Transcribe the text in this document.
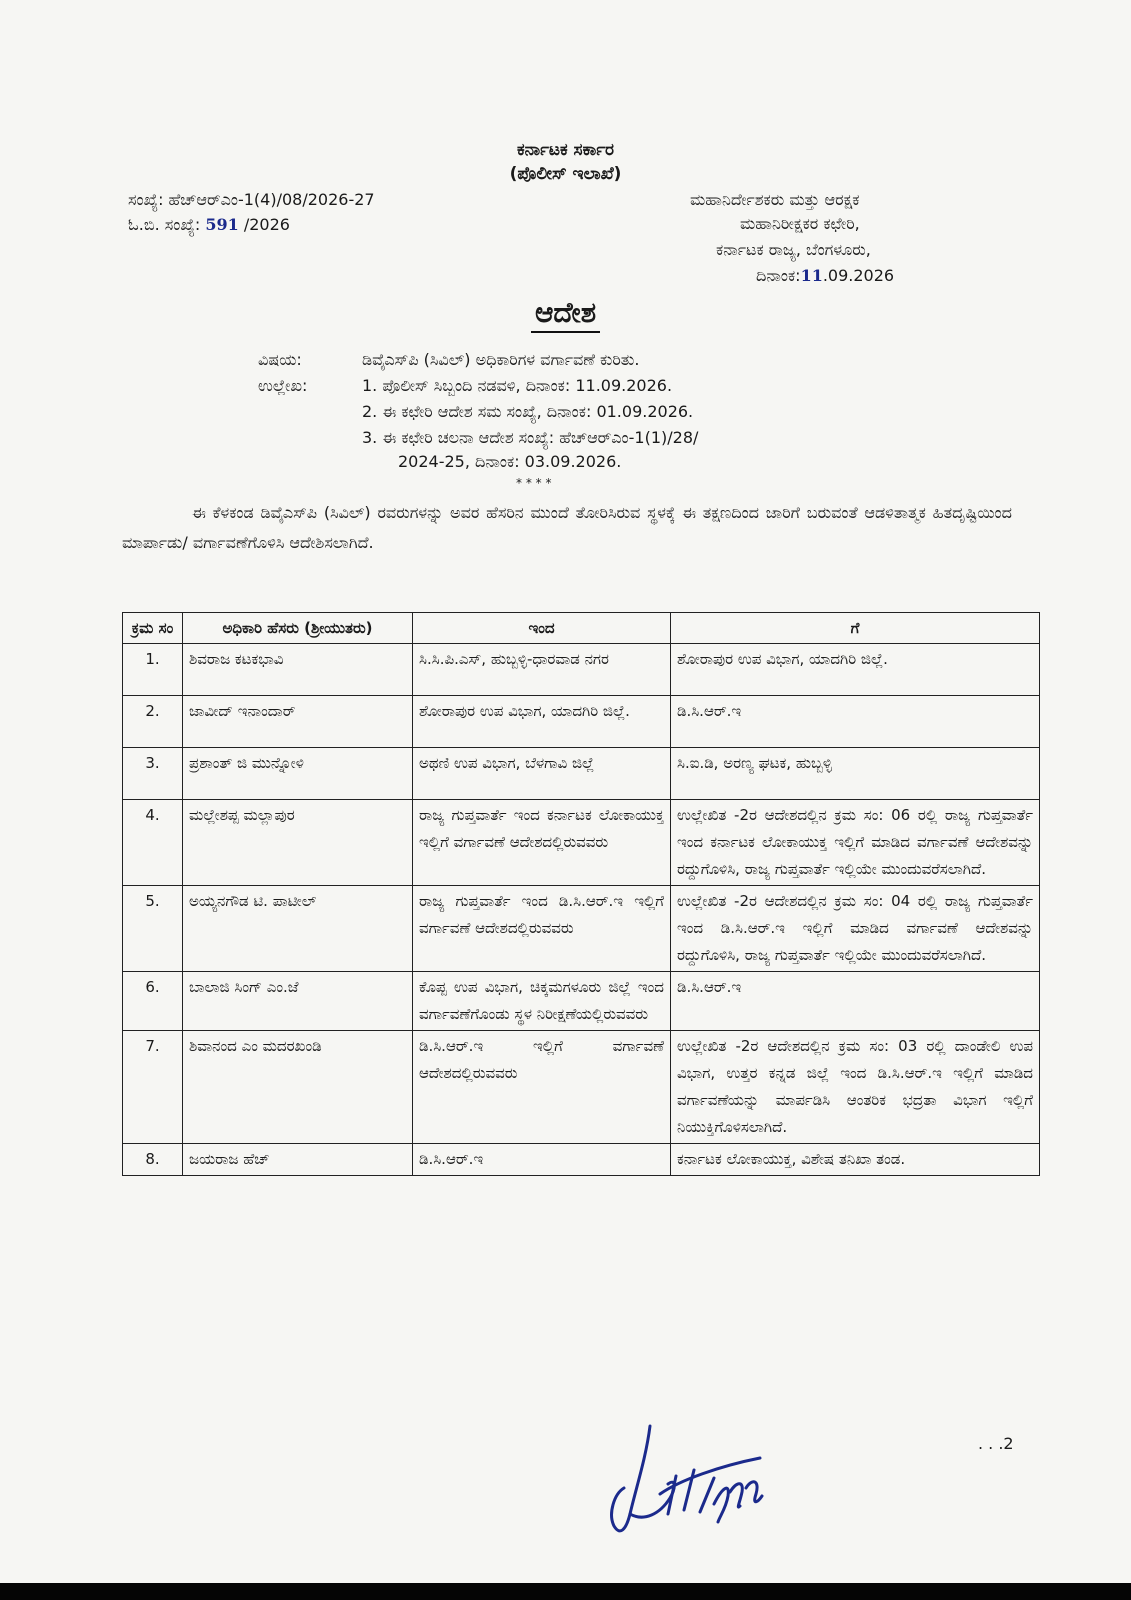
ಕರ್ನಾಟಕ ಸರ್ಕಾರ
(ಪೊಲೀಸ್ ಇಲಾಖೆ)
ಸಂಖ್ಯೆ: ಹೆಚ್‌ಆರ್‌ಎಂ-1(4)/08/2026-27
ಓ.ಬಿ. ಸಂಖ್ಯೆ: 591 /2026
ಮಹಾನಿರ್ದೇಶಕರು ಮತ್ತು ಆರಕ್ಷಕ
ಮಹಾನಿರೀಕ್ಷಕರ ಕಛೇರಿ,
ಕರ್ನಾಟಕ ರಾಜ್ಯ, ಬೆಂಗಳೂರು,
ದಿನಾಂಕ:11.09.2026
ಆದೇಶ
ವಿಷಯ:	ಡಿವೈಎಸ್‌ಪಿ (ಸಿವಿಲ್) ಅಧಿಕಾರಿಗಳ ವರ್ಗಾವಣೆ ಕುರಿತು.
ಉಲ್ಲೇಖ:	1. ಪೊಲೀಸ್ ಸಿಬ್ಬಂದಿ ನಡವಳಿ, ದಿನಾಂಕ: 11.09.2026.
2. ಈ ಕಛೇರಿ ಆದೇಶ ಸಮ ಸಂಖ್ಯೆ, ದಿನಾಂಕ: 01.09.2026.
3. ಈ ಕಛೇರಿ ಚಲನಾ ಆದೇಶ ಸಂಖ್ಯೆ: ಹೆಚ್‌ಆರ್‌ಎಂ-1(1)/28/
2024-25, ದಿನಾಂಕ: 03.09.2026.
* * * *
ಈ ಕೆಳಕಂಡ ಡಿವೈಎಸ್‌ಪಿ (ಸಿವಿಲ್) ರವರುಗಳನ್ನು ಅವರ ಹೆಸರಿನ ಮುಂದೆ ತೋರಿಸಿರುವ ಸ್ಥಳಕ್ಕೆ ಈ ತಕ್ಷಣದಿಂದ ಜಾರಿಗೆ ಬರುವಂತೆ ಆಡಳಿತಾತ್ಮಕ ಹಿತದೃಷ್ಟಿಯಿಂದ ಮಾರ್ಪಾಡು/ ವರ್ಗಾವಣೆಗೊಳಿಸಿ ಆದೇಶಿಸಲಾಗಿದೆ.
ಕ್ರಮ ಸಂ	ಅಧಿಕಾರಿ ಹೆಸರು (ಶ್ರೀಯುತರು)	ಇಂದ	ಗೆ
1.	ಶಿವರಾಜ ಕಟಕಭಾವಿ	ಸಿ.ಸಿ.ಪಿ.ಎಸ್, ಹುಬ್ಬಳ್ಳಿ-ಧಾರವಾಡ ನಗರ	ಶೋರಾಪುರ ಉಪ ವಿಭಾಗ, ಯಾದಗಿರಿ ಜಿಲ್ಲೆ.
2.	ಜಾವೀದ್ ಇನಾಂದಾರ್	ಶೋರಾಪುರ ಉಪ ವಿಭಾಗ, ಯಾದಗಿರಿ ಜಿಲ್ಲೆ.	ಡಿ.ಸಿ.ಆರ್.ಇ
3.	ಪ್ರಶಾಂತ್ ಜಿ ಮುನ್ನೋಳಿ	ಅಥಣಿ ಉಪ ವಿಭಾಗ, ಬೆಳಗಾವಿ ಜಿಲ್ಲೆ	ಸಿ.ಐ.ಡಿ, ಅರಣ್ಯ ಘಟಕ, ಹುಬ್ಬಳ್ಳಿ
4.	ಮಲ್ಲೇಶಪ್ಪ ಮಲ್ಲಾಪುರ	ರಾಜ್ಯ ಗುಪ್ತವಾರ್ತೆ ಇಂದ ಕರ್ನಾಟಕ ಲೋಕಾಯುಕ್ತ ಇಲ್ಲಿಗೆ ವರ್ಗಾವಣೆ ಆದೇಶದಲ್ಲಿರುವವರು	ಉಲ್ಲೇಖಿತ -2ರ ಆದೇಶದಲ್ಲಿನ ಕ್ರಮ ಸಂ: 06 ರಲ್ಲಿ ರಾಜ್ಯ ಗುಪ್ತವಾರ್ತೆ ಇಂದ ಕರ್ನಾಟಕ ಲೋಕಾಯುಕ್ತ ಇಲ್ಲಿಗೆ ಮಾಡಿದ ವರ್ಗಾವಣೆ ಆದೇಶವನ್ನು ರದ್ದುಗೊಳಿಸಿ, ರಾಜ್ಯ ಗುಪ್ತವಾರ್ತೆ ಇಲ್ಲಿಯೇ ಮುಂದುವರೆಸಲಾಗಿದೆ.
5.	ಅಯ್ಯನಗೌಡ ಟಿ. ಪಾಟೀಲ್	ರಾಜ್ಯ ಗುಪ್ತವಾರ್ತೆ ಇಂದ ಡಿ.ಸಿ.ಆರ್.ಇ ಇಲ್ಲಿಗೆ ವರ್ಗಾವಣೆ ಆದೇಶದಲ್ಲಿರುವವರು	ಉಲ್ಲೇಖಿತ -2ರ ಆದೇಶದಲ್ಲಿನ ಕ್ರಮ ಸಂ: 04 ರಲ್ಲಿ ರಾಜ್ಯ ಗುಪ್ತವಾರ್ತೆ ಇಂದ ಡಿ.ಸಿ.ಆರ್.ಇ ಇಲ್ಲಿಗೆ ಮಾಡಿದ ವರ್ಗಾವಣೆ ಆದೇಶವನ್ನು ರದ್ದುಗೊಳಿಸಿ, ರಾಜ್ಯ ಗುಪ್ತವಾರ್ತೆ ಇಲ್ಲಿಯೇ ಮುಂದುವರೆಸಲಾಗಿದೆ.
6.	ಬಾಲಾಜಿ ಸಿಂಗ್ ಎಂ.ಜೆ	ಕೊಪ್ಪ ಉಪ ವಿಭಾಗ, ಚಿಕ್ಕಮಗಳೂರು ಜಿಲ್ಲೆ ಇಂದ ವರ್ಗಾವಣೆಗೊಂಡು ಸ್ಥಳ ನಿರೀಕ್ಷಣೆಯಲ್ಲಿರುವವರು	ಡಿ.ಸಿ.ಆರ್.ಇ
7.	ಶಿವಾನಂದ ಎಂ ಮದರಖಂಡಿ	ಡಿ.ಸಿ.ಆರ್.ಇ ಇಲ್ಲಿಗೆ ವರ್ಗಾವಣೆ ಆದೇಶದಲ್ಲಿರುವವರು	ಉಲ್ಲೇಖಿತ -2ರ ಆದೇಶದಲ್ಲಿನ ಕ್ರಮ ಸಂ: 03 ರಲ್ಲಿ ದಾಂಡೇಲಿ ಉಪ ವಿಭಾಗ, ಉತ್ತರ ಕನ್ನಡ ಜಿಲ್ಲೆ ಇಂದ ಡಿ.ಸಿ.ಆರ್.ಇ ಇಲ್ಲಿಗೆ ಮಾಡಿದ ವರ್ಗಾವಣೆಯನ್ನು ಮಾರ್ಪಡಿಸಿ ಆಂತರಿಕ ಭದ್ರತಾ ವಿಭಾಗ ಇಲ್ಲಿಗೆ ನಿಯುಕ್ತಿಗೊಳಿಸಲಾಗಿದೆ.
8.	ಜಯರಾಜ ಹೆಚ್	ಡಿ.ಸಿ.ಆರ್.ಇ	ಕರ್ನಾಟಕ ಲೋಕಾಯುಕ್ತ, ವಿಶೇಷ ತನಿಖಾ ತಂಡ.
. . .2
